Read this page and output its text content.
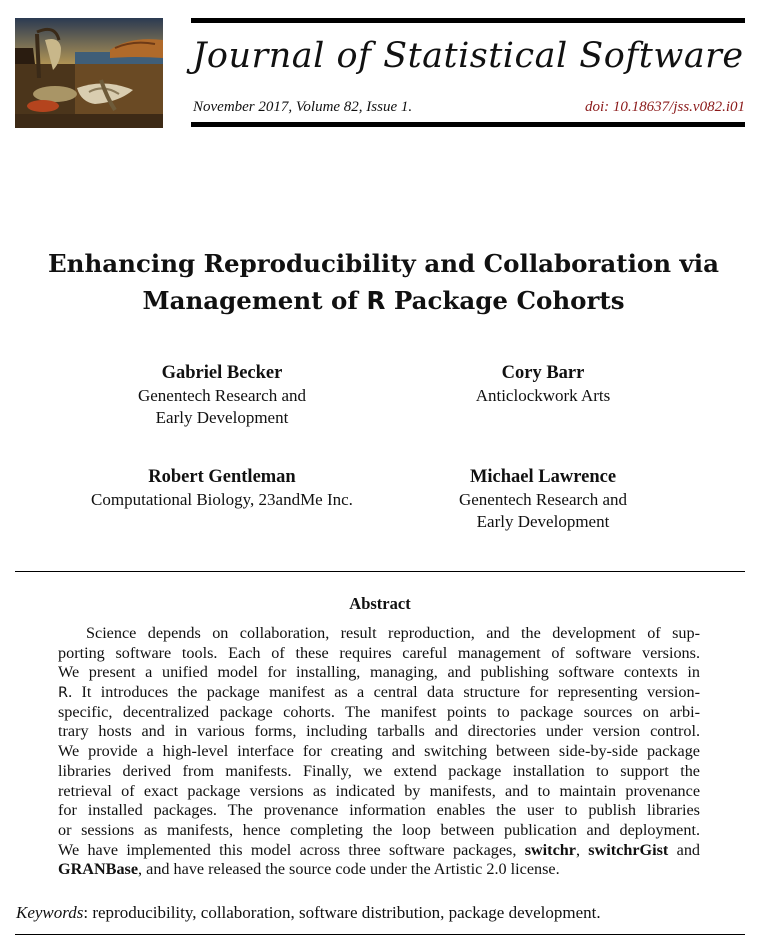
Journal of Statistical Software
November 2017, Volume 82, Issue 1.	doi: 10.18637/jss.v082.i01
Enhancing Reproducibility and Collaboration via
Management of R Package Cohorts
Gabriel Becker
Genentech Research and
Early Development
Cory Barr
Anticlockwork Arts
Robert Gentleman
Computational Biology, 23andMe Inc.
Michael Lawrence
Genentech Research and
Early Development
Abstract
Science depends on collaboration, result reproduction, and the development of sup-
porting software tools. Each of these requires careful management of software versions.
We present a unified model for installing, managing, and publishing software contexts in
R. It introduces the package manifest as a central data structure for representing version-
specific, decentralized package cohorts. The manifest points to package sources on arbi-
trary hosts and in various forms, including tarballs and directories under version control.
We provide a high-level interface for creating and switching between side-by-side package
libraries derived from manifests. Finally, we extend package installation to support the
retrieval of exact package versions as indicated by manifests, and to maintain provenance
for installed packages. The provenance information enables the user to publish libraries
or sessions as manifests, hence completing the loop between publication and deployment.
We have implemented this model across three software packages, switchr, switchrGist and
GRANBase, and have released the source code under the Artistic 2.0 license.
Keywords: reproducibility, collaboration, software distribution, package development.
